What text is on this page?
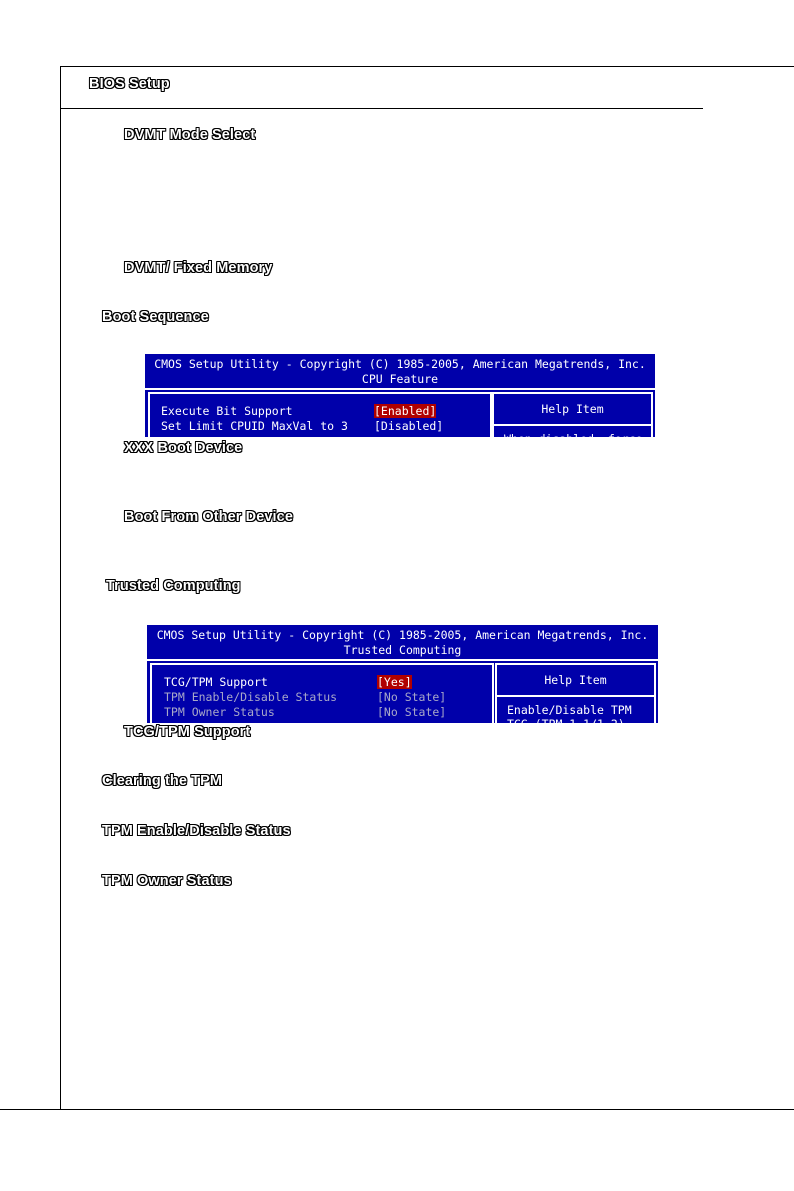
BIOS Setup
DVMT Mode Select
DVMT/ Fixed Memory
Boot Sequence
CMOS Setup Utility - Copyright (C) 1985-2005, American Megatrends, Inc.
CPU Feature
Execute Bit Support	[Enabled]
Set Limit CPUID MaxVal to 3 [Disabled]
Help Item
When disabled, force
XXX Boot Device
Boot From Other Device
Trusted Computing
CMOS Setup Utility - Copyright (C) 1985-2005, American Megatrends, Inc.
Trusted Computing
TCG/TPM Support	[Yes]
TPM Enable/Disable Status	[No State]
TPM Owner Status	[No State]
Help Item
Enable/Disable TPM
TCG (TPM 1.1/1.2)
TCG/TPM Support
Clearing the TPM
TPM Enable/Disable Status
TPM Owner Status
